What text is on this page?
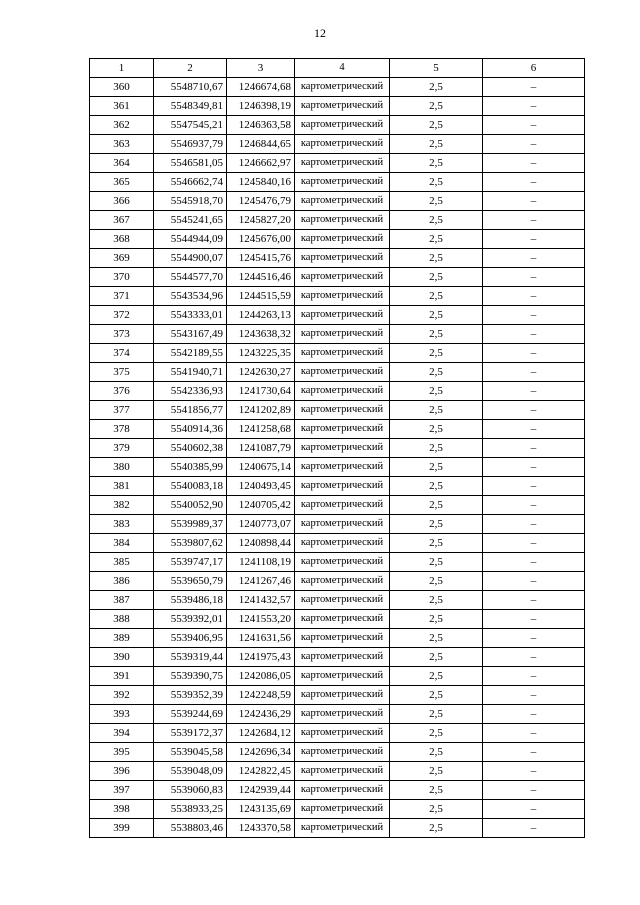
12
1	2	3	4	5	6
360	5548710,67	1246674,68	картометрический	2,5	–
361	5548349,81	1246398,19	картометрический	2,5	–
362	5547545,21	1246363,58	картометрический	2,5	–
363	5546937,79	1246844,65	картометрический	2,5	–
364	5546581,05	1246662,97	картометрический	2,5	–
365	5546662,74	1245840,16	картометрический	2,5	–
366	5545918,70	1245476,79	картометрический	2,5	–
367	5545241,65	1245827,20	картометрический	2,5	–
368	5544944,09	1245676,00	картометрический	2,5	–
369	5544900,07	1245415,76	картометрический	2,5	–
370	5544577,70	1244516,46	картометрический	2,5	–
371	5543534,96	1244515,59	картометрический	2,5	–
372	5543333,01	1244263,13	картометрический	2,5	–
373	5543167,49	1243638,32	картометрический	2,5	–
374	5542189,55	1243225,35	картометрический	2,5	–
375	5541940,71	1242630,27	картометрический	2,5	–
376	5542336,93	1241730,64	картометрический	2,5	–
377	5541856,77	1241202,89	картометрический	2,5	–
378	5540914,36	1241258,68	картометрический	2,5	–
379	5540602,38	1241087,79	картометрический	2,5	–
380	5540385,99	1240675,14	картометрический	2,5	–
381	5540083,18	1240493,45	картометрический	2,5	–
382	5540052,90	1240705,42	картометрический	2,5	–
383	5539989,37	1240773,07	картометрический	2,5	–
384	5539807,62	1240898,44	картометрический	2,5	–
385	5539747,17	1241108,19	картометрический	2,5	–
386	5539650,79	1241267,46	картометрический	2,5	–
387	5539486,18	1241432,57	картометрический	2,5	–
388	5539392,01	1241553,20	картометрический	2,5	–
389	5539406,95	1241631,56	картометрический	2,5	–
390	5539319,44	1241975,43	картометрический	2,5	–
391	5539390,75	1242086,05	картометрический	2,5	–
392	5539352,39	1242248,59	картометрический	2,5	–
393	5539244,69	1242436,29	картометрический	2,5	–
394	5539172,37	1242684,12	картометрический	2,5	–
395	5539045,58	1242696,34	картометрический	2,5	–
396	5539048,09	1242822,45	картометрический	2,5	–
397	5539060,83	1242939,44	картометрический	2,5	–
398	5538933,25	1243135,69	картометрический	2,5	–
399	5538803,46	1243370,58	картометрический	2,5	–
